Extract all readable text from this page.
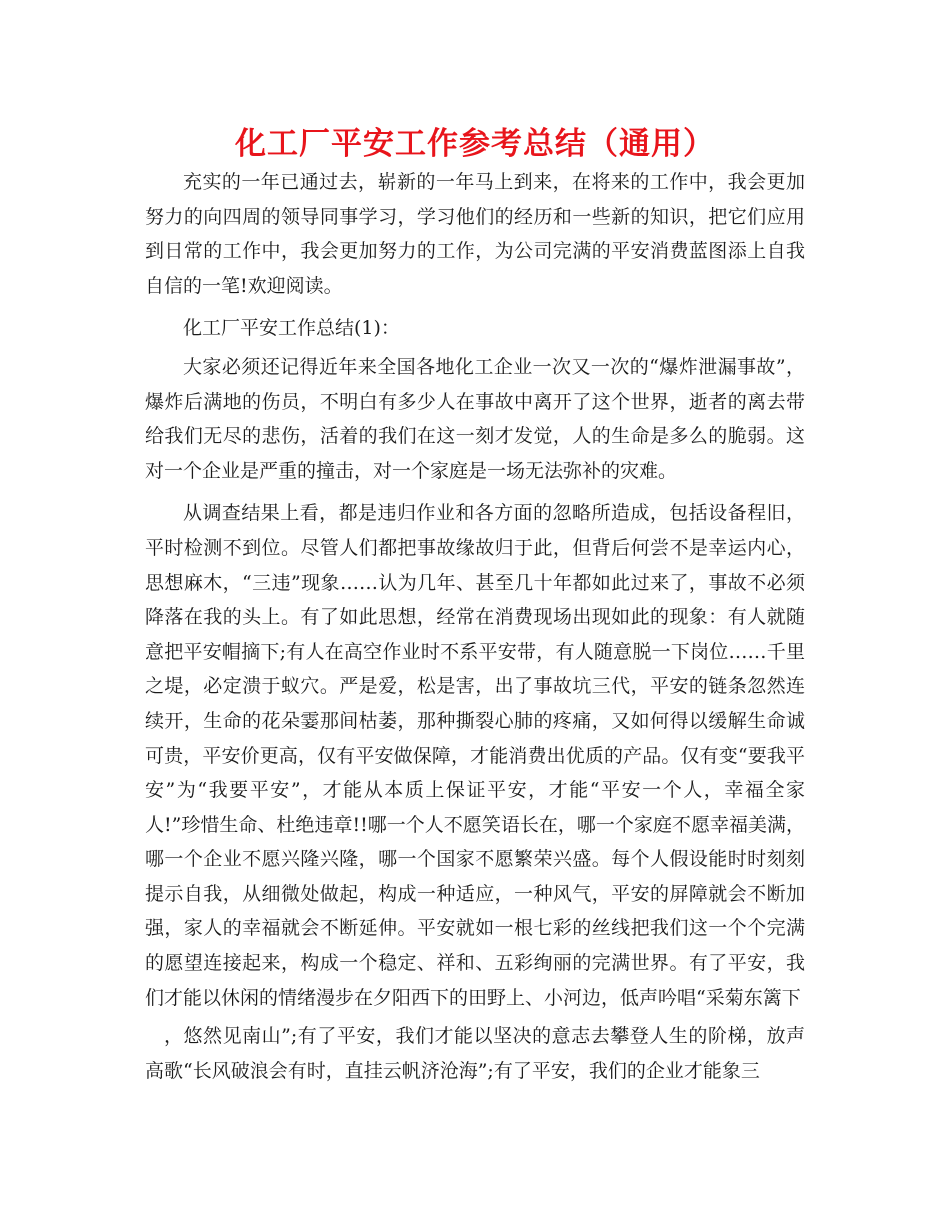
化工厂平安工作参考总结（通用）

充实的一年已通过去，崭新的一年马上到来，在将来的工作中，我会更加努力的向四周的领导同事学习，学习他们的经历和一些新的知识，把它们应用到日常的工作中，我会更加努力的工作，为公司完满的平安消费蓝图添上自我自信的一笔!欢迎阅读。

化工厂平安工作总结(1)：

大家必须还记得近年来全国各地化工企业一次又一次的“爆炸泄漏事故”，爆炸后满地的伤员，不明白有多少人在事故中离开了这个世界，逝者的离去带给我们无尽的悲伤，活着的我们在这一刻才发觉，人的生命是多么的脆弱。这对一个企业是严重的撞击，对一个家庭是一场无法弥补的灾难。

从调查结果上看，都是违归作业和各方面的忽略所造成，包括设备程旧，平时检测不到位。尽管人们都把事故缘故归于此，但背后何尝不是幸运内心，思想麻木，“三违”现象……认为几年、甚至几十年都如此过来了，事故不必须降落在我的头上。有了如此思想，经常在消费现场出现如此的现象：有人就随意把平安帽摘下;有人在高空作业时不系平安带，有人随意脱一下岗位……千里之堤，必定溃于蚁穴。严是爱，松是害，出了事故坑三代，平安的链条忽然连续开，生命的花朵霎那间枯萎，那种撕裂心肺的疼痛，又如何得以缓解生命诚可贵，平安价更高，仅有平安做保障，才能消费出优质的产品。仅有变“要我平安”为“我要平安”，才能从本质上保证平安，才能“平安一个人，幸福全家人!”珍惜生命、杜绝违章!!哪一个人不愿笑语长在，哪一个家庭不愿幸福美满，哪一个企业不愿兴隆兴隆，哪一个国家不愿繁荣兴盛。每个人假设能时时刻刻提示自我，从细微处做起，构成一种适应，一种风气，平安的屏障就会不断加强，家人的幸福就会不断延伸。平安就如一根七彩的丝线把我们这一个个完满的愿望连接起来，构成一个稳定、祥和、五彩绚丽的完满世界。有了平安，我们才能以休闲的情绪漫步在夕阳西下的田野上、小河边，低声吟唱“采菊东篱下

，悠然见南山”;有了平安，我们才能以坚决的意志去攀登人生的阶梯，放声高歌“长风破浪会有时，直挂云帆济沧海”;有了平安，我们的企业才能象三
